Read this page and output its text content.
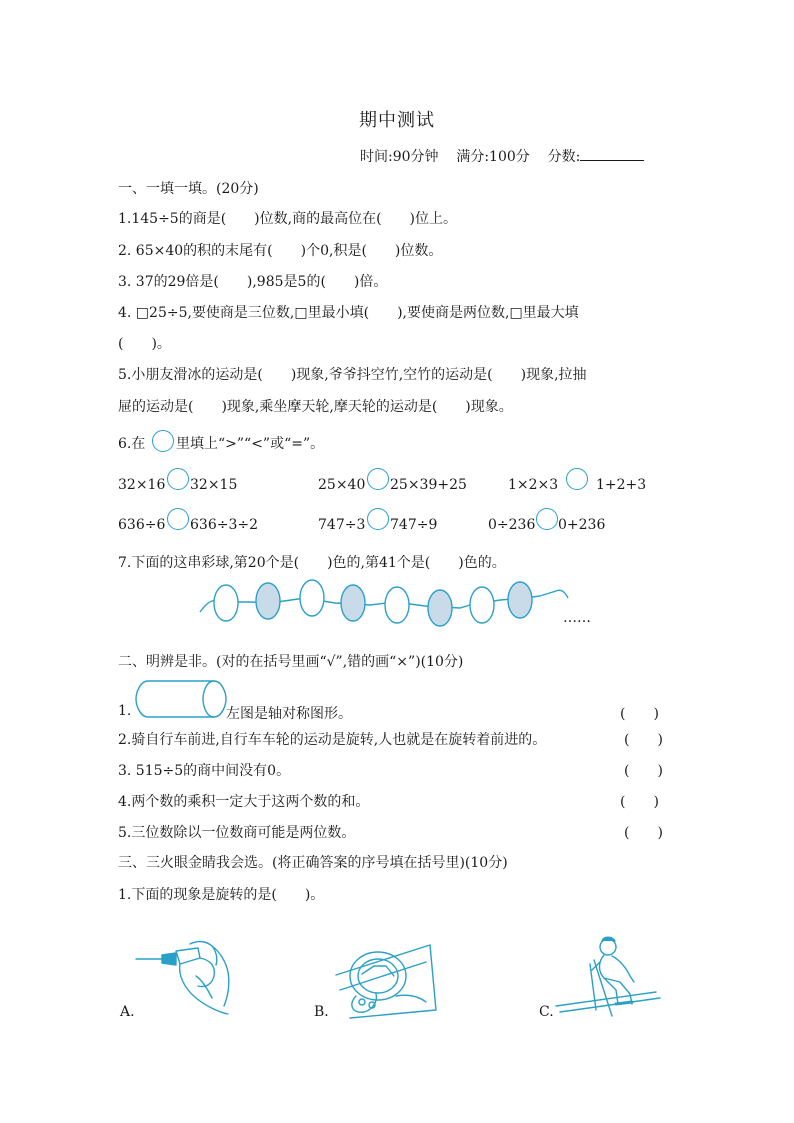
期中测试
时间:90分钟 满分:100分 分数:
一、一填一填。(20分)
1.145÷5的商是(　　)位数,商的最高位在(　　)位上。
2. 65×40的积的末尾有(　　)个0,积是(　　)位数。
3. 37的29倍是(　　),985是5的(　　)倍。
4. □25÷5,要使商是三位数,□里最小填(　　),要使商是两位数,□里最大填
(　　)。
5.小朋友滑冰的运动是(　　)现象,爷爷抖空竹,空竹的运动是(　　)现象,拉抽
屉的运动是(　　)现象,乘坐摩天轮,摩天轮的运动是(　　)现象。
6.在 里填上“>”“<”或“=”。
32×16 32×15	25×40 25×39+25	1×2×3	1+2+3
636÷6 636÷3÷2	747÷3 747÷9	0÷236 0+236
7.下面的这串彩球,第20个是(　　)色的,第41个是(　　)色的。
……
二、明辨是非。(对的在括号里画“√”,错的画“×”)(10分)
1.	左图是轴对称图形。	(　　)
2.骑自行车前进,自行车车轮的运动是旋转,人也就是在旋转着前进的。	(　　)
3. 515÷5的商中间没有0。	(　　)
4.两个数的乘积一定大于这两个数的和。	(　　)
5.三位数除以一位数商可能是两位数。	(　　)
三、三火眼金睛我会选。(将正确答案的序号填在括号里)(10分)
1.下面的现象是旋转的是(　　)。
A.	B.	C.
